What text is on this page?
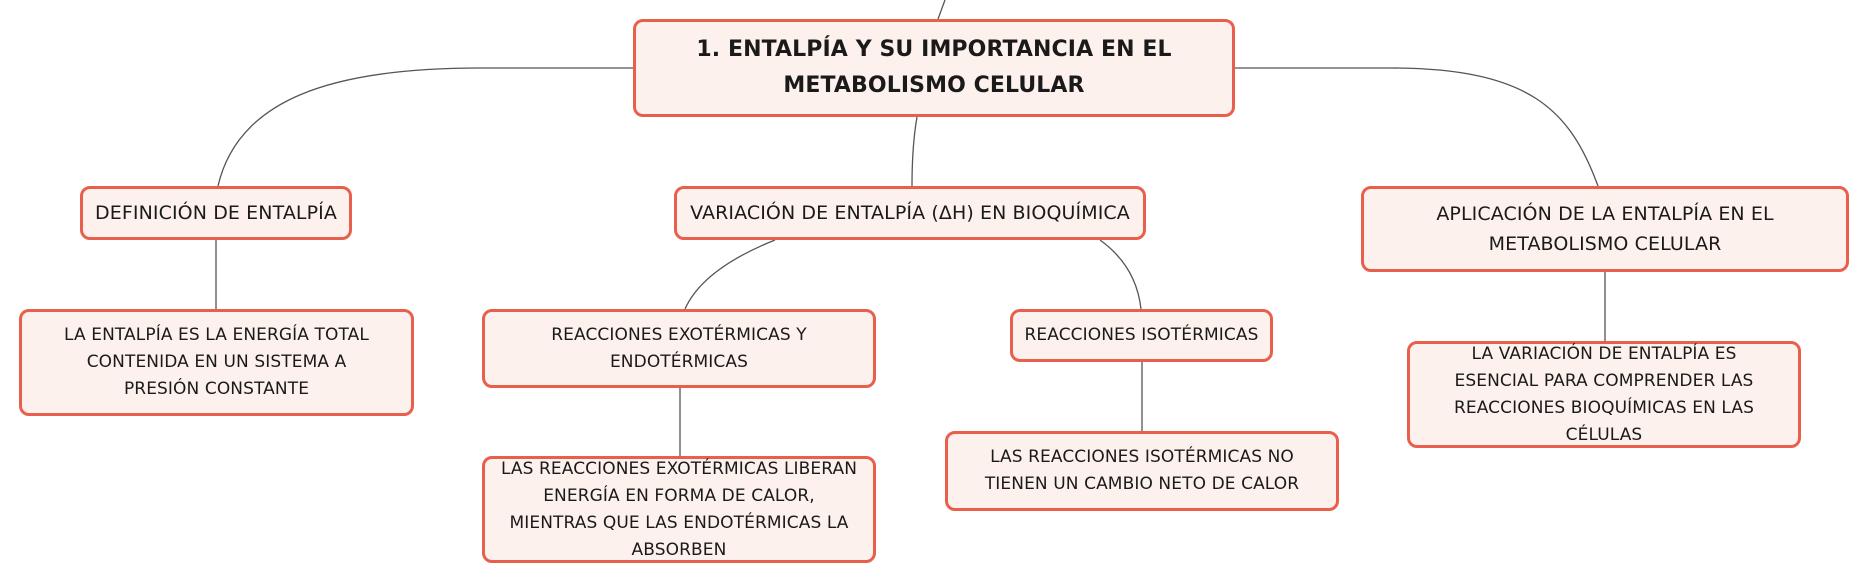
1. ENTALPÍA Y SU IMPORTANCIA EN EL METABOLISMO CELULAR
DEFINICIÓN DE ENTALPÍA	VARIACIÓN DE ENTALPÍA (ΔH) EN BIOQUÍMICA	APLICACIÓN DE LA ENTALPÍA EN EL METABOLISMO CELULAR
LA ENTALPÍA ES LA ENERGÍA TOTAL CONTENIDA EN UN SISTEMA A PRESIÓN CONSTANTE
REACCIONES EXOTÉRMICAS Y ENDOTÉRMICAS
REACCIONES ISOTÉRMICAS
LA VARIACIÓN DE ENTALPÍA ES ESENCIAL PARA COMPRENDER LAS REACCIONES BIOQUÍMICAS EN LAS CÉLULAS
LAS REACCIONES EXOTÉRMICAS LIBERAN ENERGÍA EN FORMA DE CALOR, MIENTRAS QUE LAS ENDOTÉRMICAS LA ABSORBEN
LAS REACCIONES ISOTÉRMICAS NO TIENEN UN CAMBIO NETO DE CALOR
